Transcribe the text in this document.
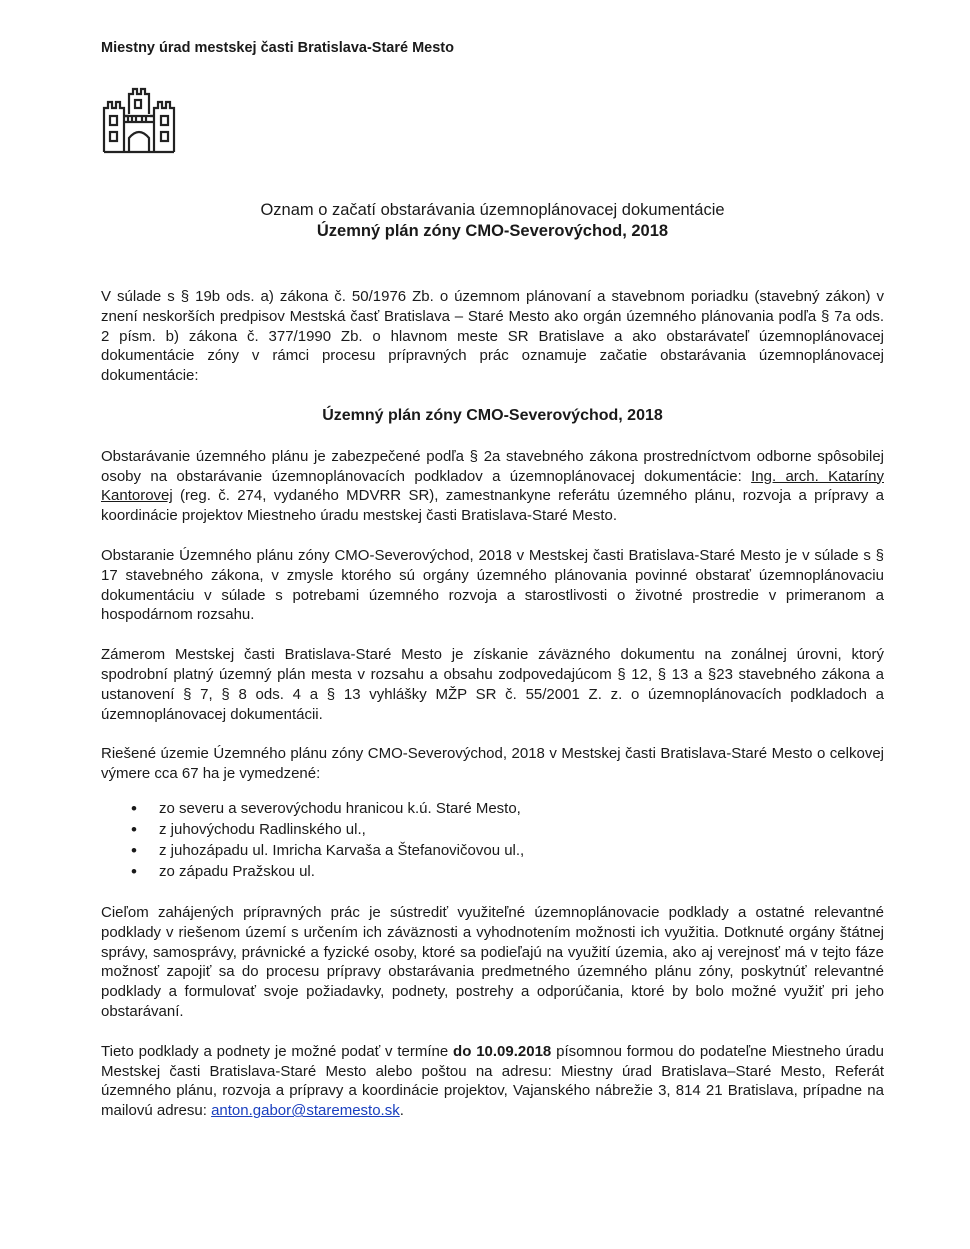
Miestny úrad mestskej časti Bratislava-Staré Mesto
Oznam o začatí obstarávania územnoplánovacej dokumentácie
Územný plán zóny CMO-Severovýchod, 2018

V súlade s § 19b ods. a) zákona č. 50/1976 Zb. o územnom plánovaní a stavebnom poriadku (stavebný zákon) v znení neskorších predpisov Mestská časť Bratislava – Staré Mesto ako orgán územného plánovania podľa § 7a ods. 2 písm. b) zákona č. 377/1990 Zb. o hlavnom meste SR Bratislave a ako obstarávateľ územnoplánovacej dokumentácie zóny v rámci procesu prípravných prác oznamuje začatie obstarávania územnoplánovacej dokumentácie:

Územný plán zóny CMO-Severovýchod, 2018

Obstarávanie územného plánu je zabezpečené podľa § 2a stavebného zákona prostredníctvom odborne spôsobilej osoby na obstarávanie územnoplánovacích podkladov a územnoplánovacej dokumentácie: Ing. arch. Kataríny Kantorovej (reg. č. 274, vydaného MDVRR SR), zamestnankyne referátu územného plánu, rozvoja a prípravy a koordinácie projektov Miestneho úradu mestskej časti Bratislava-Staré Mesto.

Obstaranie Územného plánu zóny CMO-Severovýchod, 2018 v Mestskej časti Bratislava-Staré Mesto je v súlade s § 17 stavebného zákona, v zmysle ktorého sú orgány územného plánovania povinné obstarať územnoplánovaciu dokumentáciu v súlade s potrebami územného rozvoja a starostlivosti o životné prostredie v primeranom a hospodárnom rozsahu.

Zámerom Mestskej časti Bratislava-Staré Mesto je získanie záväzného dokumentu na zonálnej úrovni, ktorý spodrobní platný územný plán mesta v rozsahu a obsahu zodpovedajúcom § 12, § 13 a §23 stavebného zákona a ustanovení § 7, § 8 ods. 4 a § 13 vyhlášky MŽP SR č. 55/2001 Z. z. o územnoplánovacích podkladoch a územnoplánovacej dokumentácii.

Riešené územie Územného plánu zóny CMO-Severovýchod, 2018 v Mestskej časti Bratislava-Staré Mesto o celkovej výmere cca 67 ha je vymedzené:

• zo severu a severovýchodu hranicou k.ú. Staré Mesto,
• z juhovýchodu Radlinského ul.,
• z juhozápadu ul. Imricha Karvaša a Štefanovičovou ul.,
• zo západu Pražskou ul.

Cieľom zahájených prípravných prác je sústrediť využiteľné územnoplánovacie podklady a ostatné relevantné podklady v riešenom území s určením ich záväznosti a vyhodnotením možnosti ich využitia. Dotknuté orgány štátnej správy, samosprávy, právnické a fyzické osoby, ktoré sa podieľajú na využití územia, ako aj verejnosť má v tejto fáze možnosť zapojiť sa do procesu prípravy obstarávania predmetného územného plánu zóny, poskytnúť relevantné podklady a formulovať svoje požiadavky, podnety, postrehy a odporúčania, ktoré by bolo možné využiť pri jeho obstarávaní.

Tieto podklady a podnety je možné podať v termíne do 10.09.2018 písomnou formou do podateľne Miestneho úradu Mestskej časti Bratislava-Staré Mesto alebo poštou na adresu: Miestny úrad Bratislava–Staré Mesto, Referát územného plánu, rozvoja a prípravy a koordinácie projektov, Vajanského nábrežie 3, 814 21 Bratislava, prípadne na mailovú adresu: anton.gabor@staremesto.sk.
